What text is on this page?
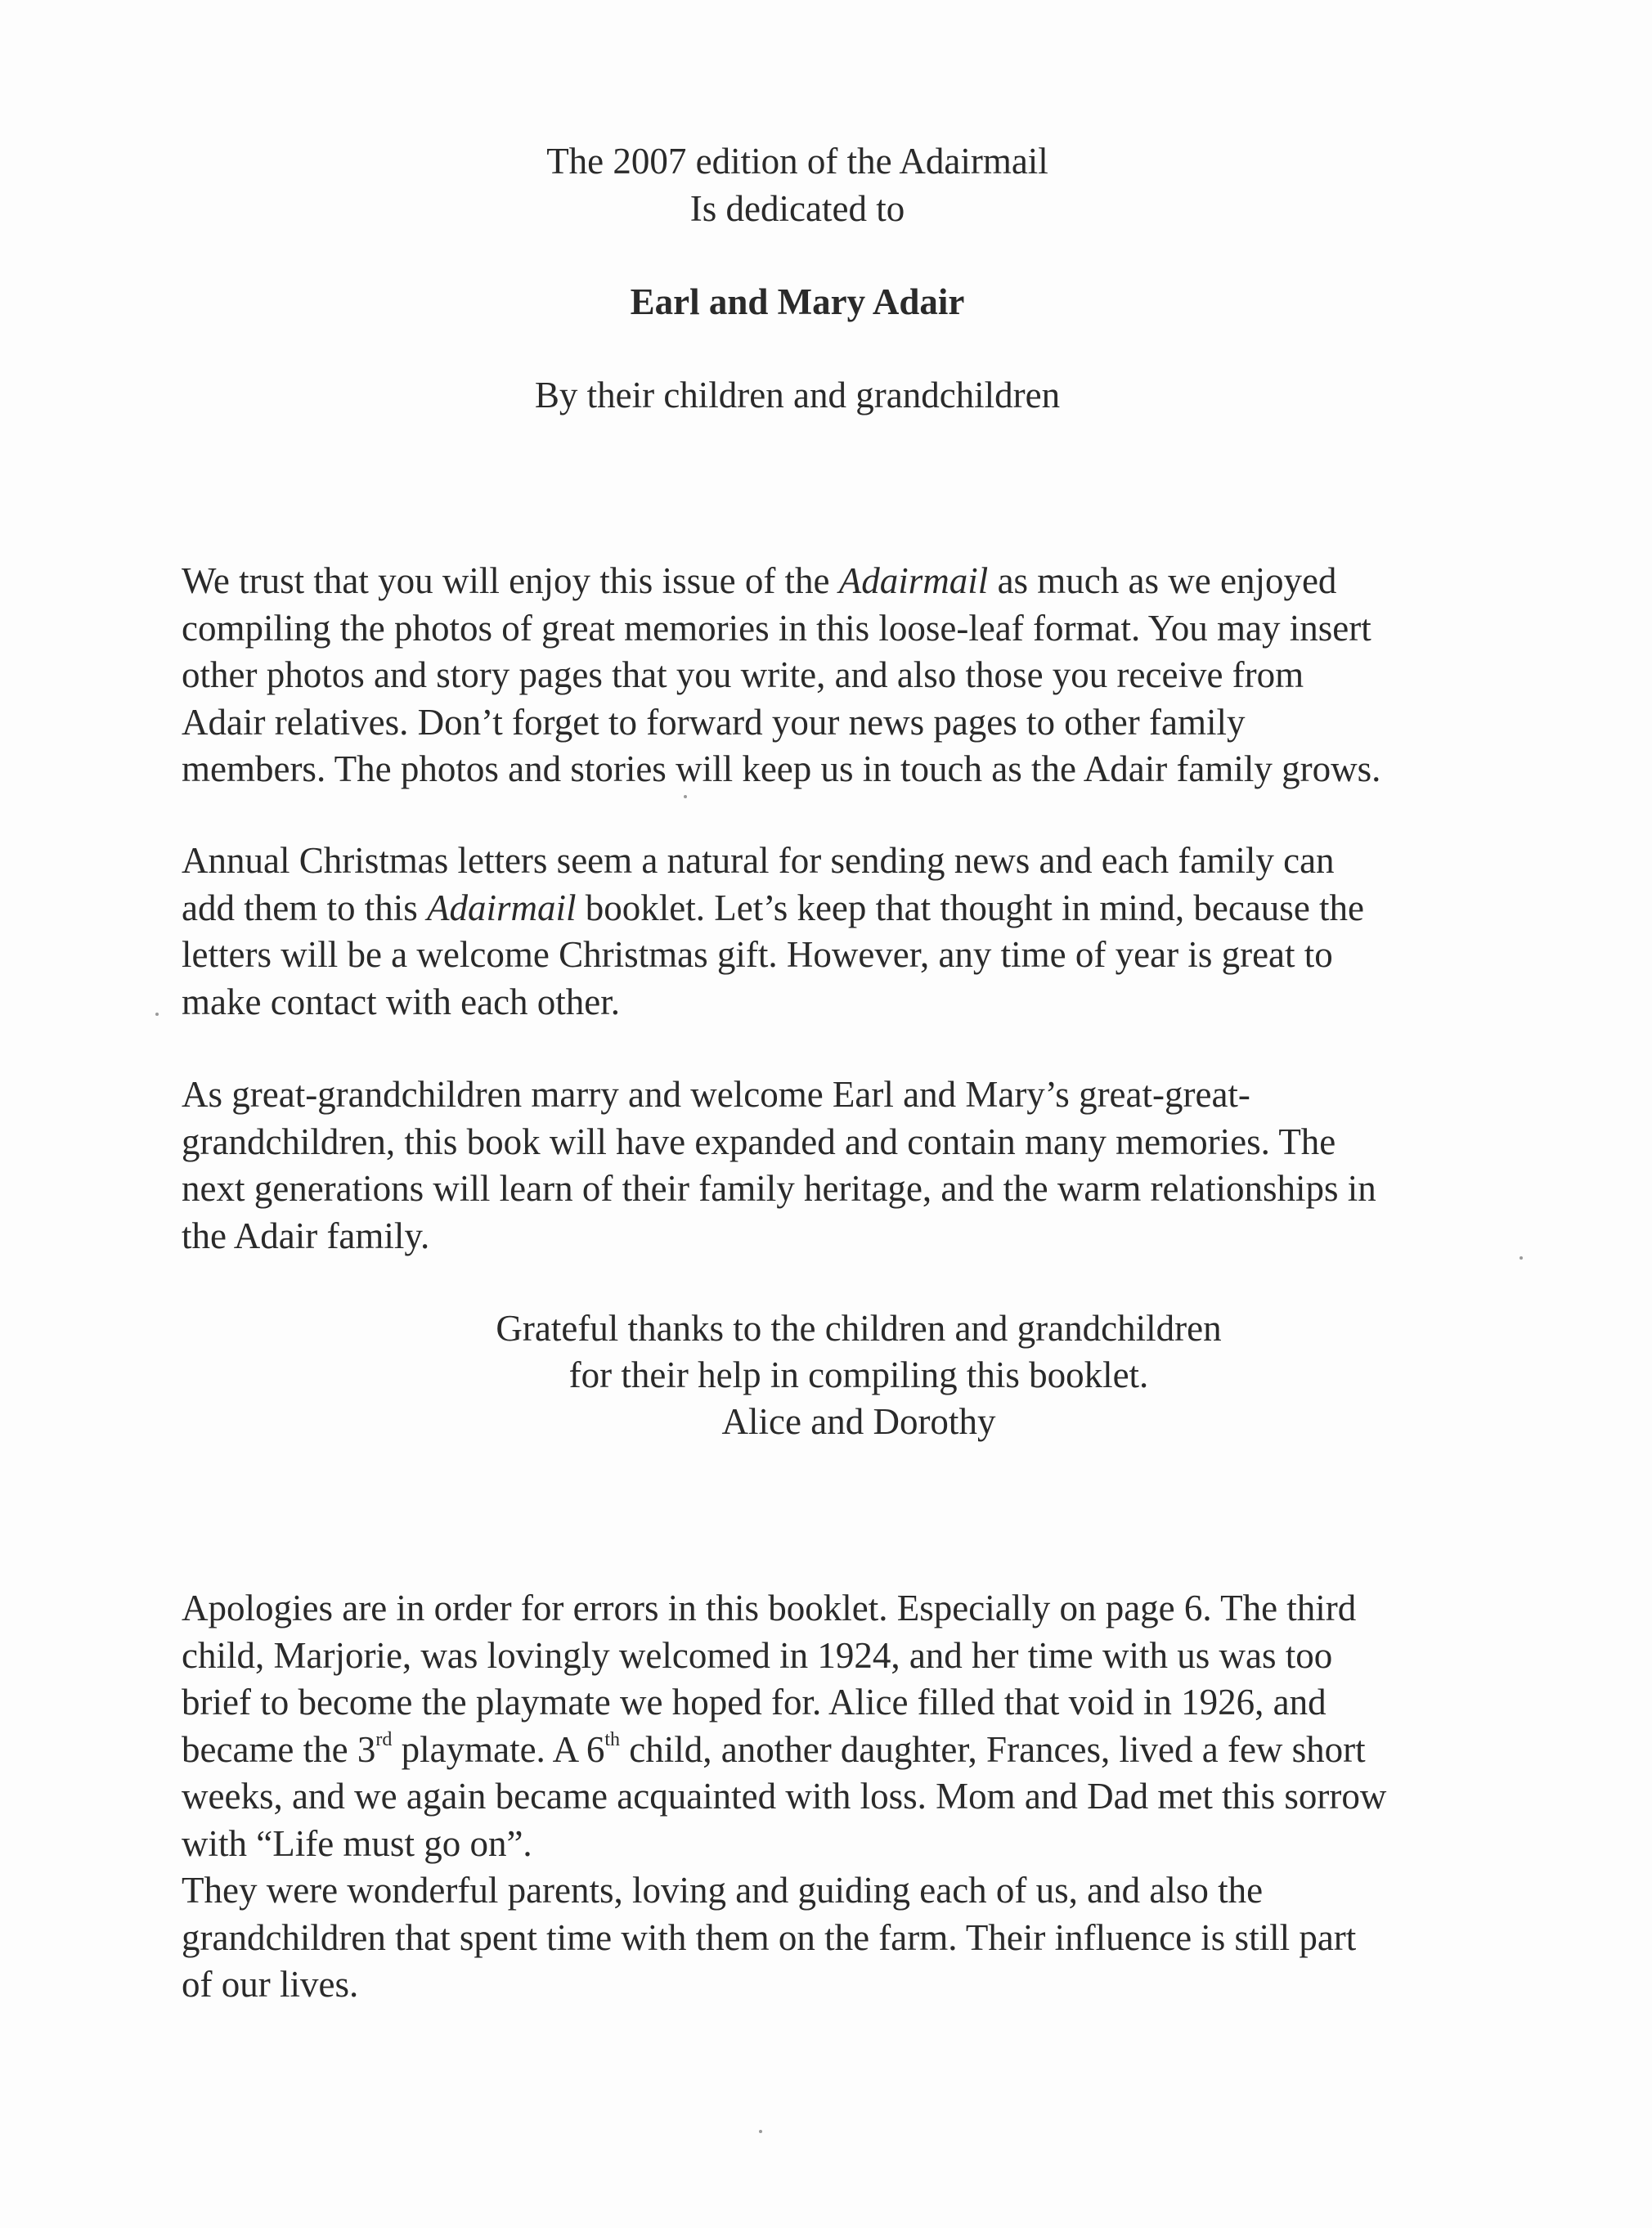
The 2007 edition of the Adairmail
Is dedicated to
Earl and Mary Adair
By their children and grandchildren
We trust that you will enjoy this issue of the Adairmail as much as we enjoyed
compiling the photos of great memories in this loose-leaf format. You may insert
other photos and story pages that you write, and also those you receive from
Adair relatives. Don’t forget to forward your news pages to other family
members. The photos and stories will keep us in touch as the Adair family grows.
Annual Christmas letters seem a natural for sending news and each family can
add them to this Adairmail booklet. Let’s keep that thought in mind, because the
letters will be a welcome Christmas gift. However, any time of year is great to
make contact with each other.
As great-grandchildren marry and welcome Earl and Mary’s great-great-
grandchildren, this book will have expanded and contain many memories. The
next generations will learn of their family heritage, and the warm relationships in
the Adair family.
Grateful thanks to the children and grandchildren
for their help in compiling this booklet.
Alice and Dorothy
Apologies are in order for errors in this booklet. Especially on page 6. The third
child, Marjorie, was lovingly welcomed in 1924, and her time with us was too
brief to become the playmate we hoped for. Alice filled that void in 1926, and
became the 3rd playmate. A 6th child, another daughter, Frances, lived a few short
weeks, and we again became acquainted with loss. Mom and Dad met this sorrow
with “Life must go on”.
They were wonderful parents, loving and guiding each of us, and also the
grandchildren that spent time with them on the farm. Their influence is still part
of our lives.
